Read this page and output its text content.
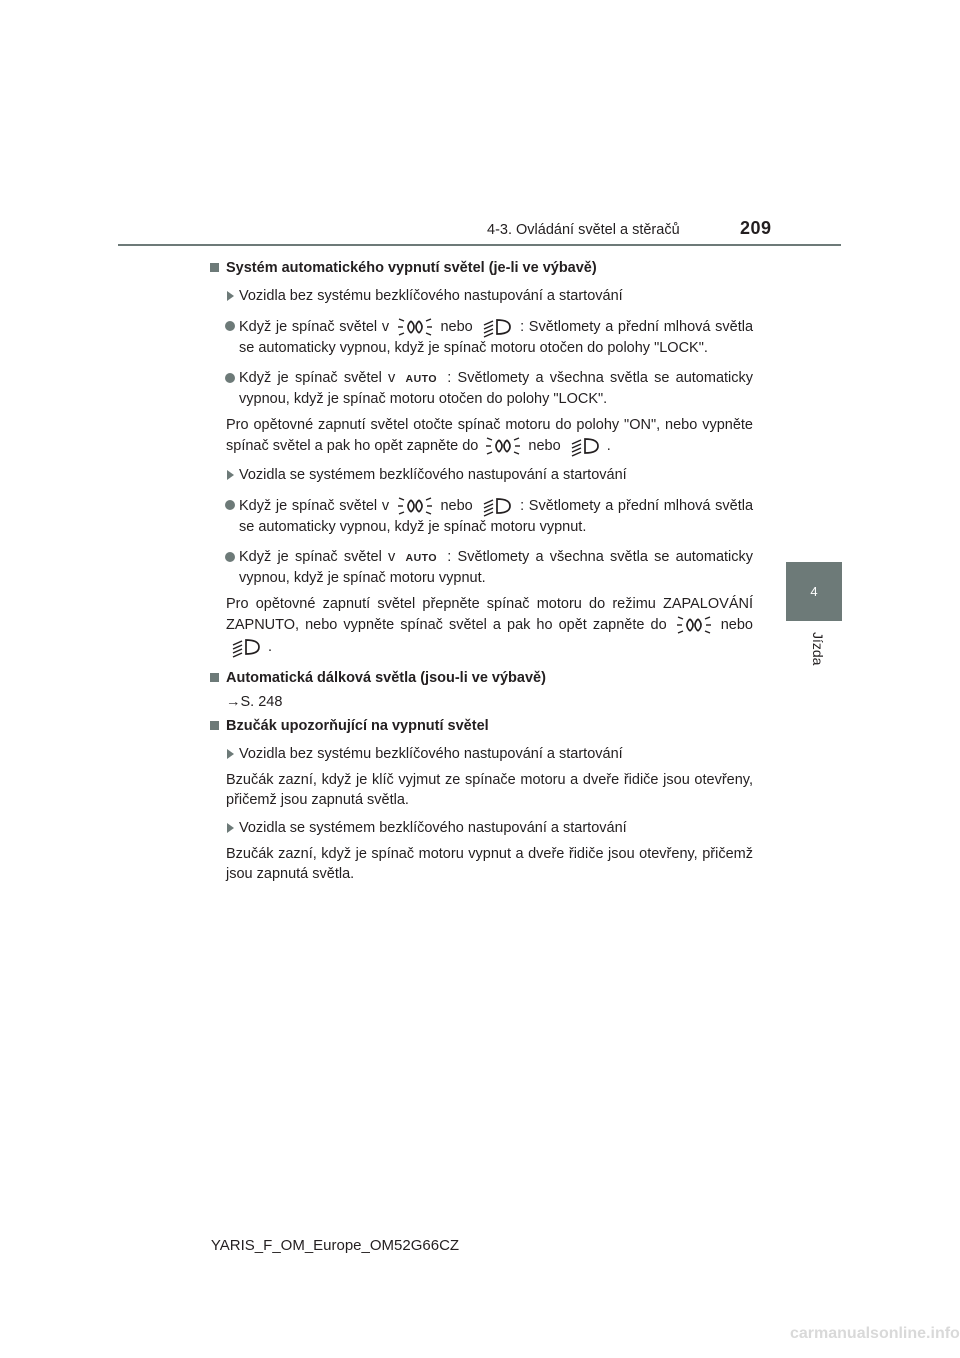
4-3. Ovládání světel a stěračů	209
4
Jízda
Systém automatického vypnutí světel (je-li ve výbavě)
Vozidla bez systému bezklíčového nastupování a startování
Když je spínač světel v	nebo	: Světlomety a přední mlhová světla se automaticky vypnou, když je spínač motoru otočen do polohy "LOCK".
Když je spínač světel v AUTO : Světlomety a všechna světla se automaticky vypnou, když je spínač motoru otočen do polohy "LOCK".
Pro opětovné zapnutí světel otočte spínač motoru do polohy "ON", nebo vypněte spínač světel a pak ho opět zapněte do	nebo	.
Vozidla se systémem bezklíčového nastupování a startování
Když je spínač světel v	nebo	: Světlomety a přední mlhová světla se automaticky vypnou, když je spínač motoru vypnut.
Když je spínač světel v AUTO : Světlomety a všechna světla se automaticky vypnou, když je spínač motoru vypnut.
Pro opětovné zapnutí světel přepněte spínač motoru do režimu ZAPALOVÁNÍ ZAPNUTO, nebo vypněte spínač světel a pak ho opět zapněte do	nebo  .
Automatická dálková světla (jsou-li ve výbavě)
→S. 248
Bzučák upozorňující na vypnutí světel
Vozidla bez systému bezklíčového nastupování a startování
Bzučák zazní, když je klíč vyjmut ze spínače motoru a dveře řidiče jsou otevřeny, přičemž jsou zapnutá světla.
Vozidla se systémem bezklíčového nastupování a startování
Bzučák zazní, když je spínač motoru vypnut a dveře řidiče jsou otevřeny, přičemž jsou zapnutá světla.
YARIS_F_OM_Europe_OM52G66CZ
carmanualsonline.info
